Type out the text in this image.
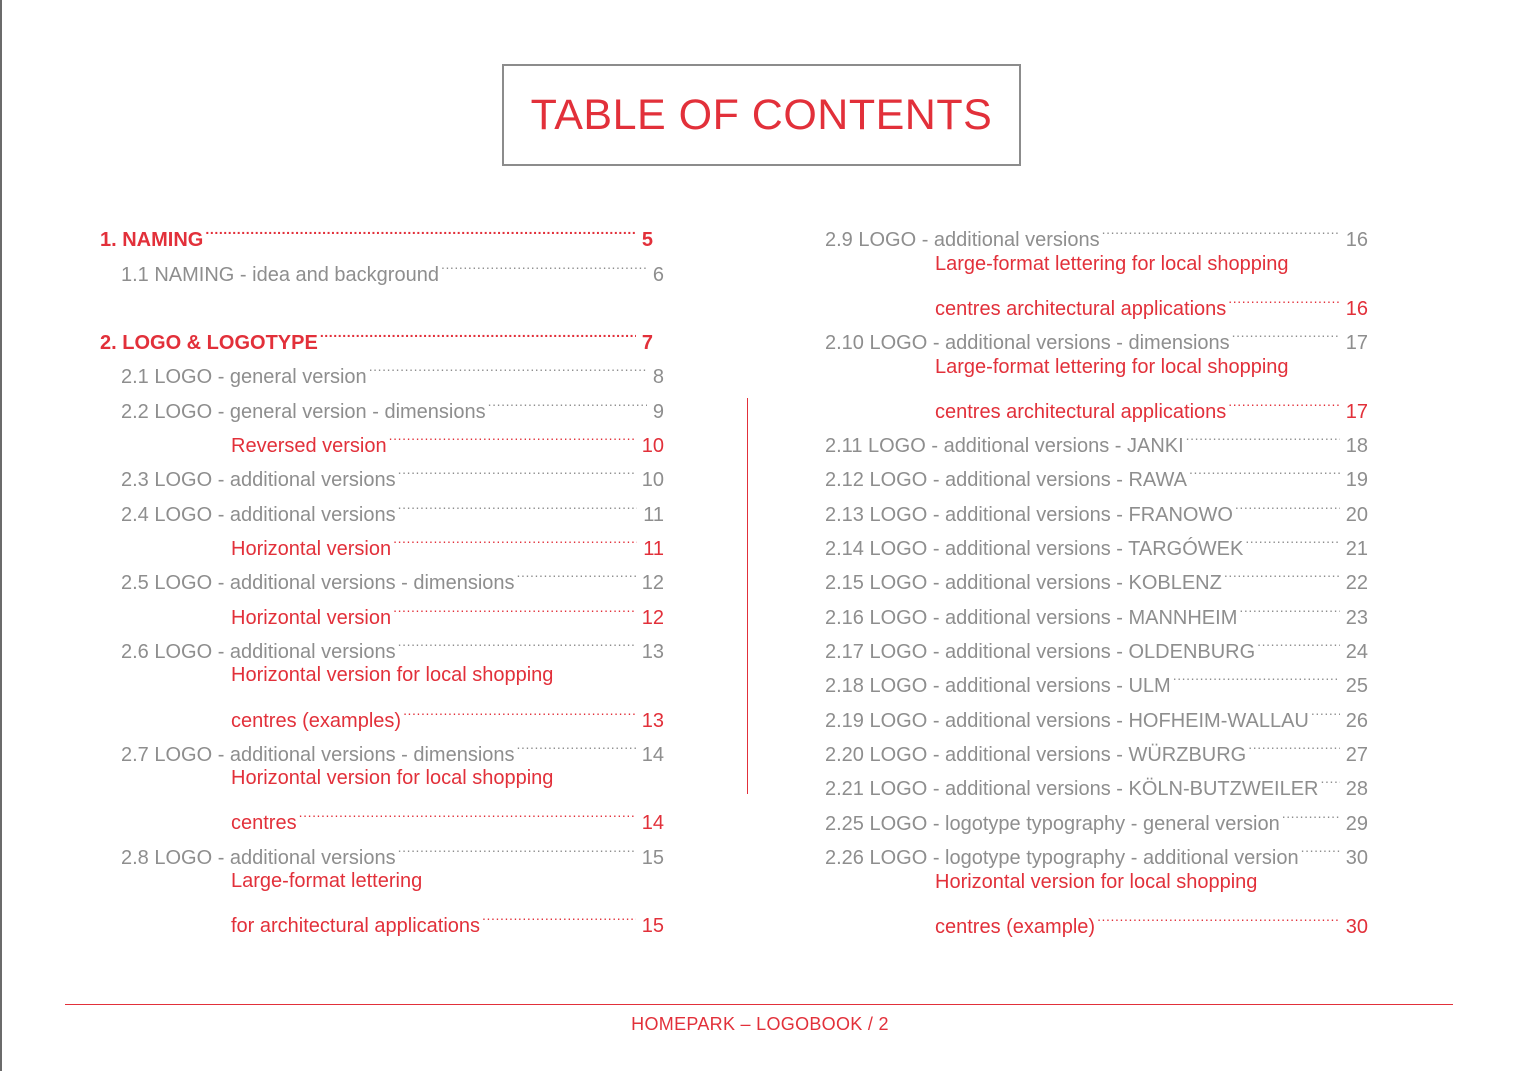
TABLE OF CONTENTS
1. NAMING .....	5
1.1 NAMING - idea and background .....	6
2. LOGO & LOGOTYPE .....	7
2.1 LOGO - general version .....	8
2.2 LOGO - general version - dimensions .....	9
Reversed version .....	10
2.3 LOGO - additional versions .....	10
2.4 LOGO - additional versions .....	11
Horizontal version .....	11
2.5 LOGO - additional versions - dimensions .....	12
Horizontal version .....	12
2.6 LOGO - additional versions .....	13
Horizontal version for local shopping
centres (examples) .....	13
2.7 LOGO - additional versions - dimensions .....	14
Horizontal version for local shopping
centres .....	14
2.8 LOGO - additional versions .....	15
Large-format lettering
for architectural applications .....	15
2.9 LOGO - additional versions .....	16
Large-format lettering for local shopping
centres architectural applications .....	16
2.10 LOGO - additional versions - dimensions .....	17
Large-format lettering for local shopping
centres architectural applications .....	17
2.11 LOGO - additional versions - JANKI .....	18
2.12 LOGO - additional versions - RAWA .....	19
2.13 LOGO - additional versions - FRANOWO .....	20
2.14 LOGO - additional versions - TARGÓWEK .....	21
2.15 LOGO - additional versions - KOBLENZ .....	22
2.16 LOGO - additional versions - MANNHEIM .....	23
2.17 LOGO - additional versions - OLDENBURG .....	24
2.18 LOGO - additional versions - ULM .....	25
2.19 LOGO - additional versions - HOFHEIM-WALLAU .....	26
2.20 LOGO - additional versions - WÜRZBURG .....	27
2.21 LOGO - additional versions - KÖLN-BUTZWEILER .....	28
2.25 LOGO - logotype typography - general version .....	29
2.26 LOGO - logotype typography - additional version .....	30
Horizontal version for local shopping
centres (example) .....	30
HOMEPARK – LOGOBOOK / 2
